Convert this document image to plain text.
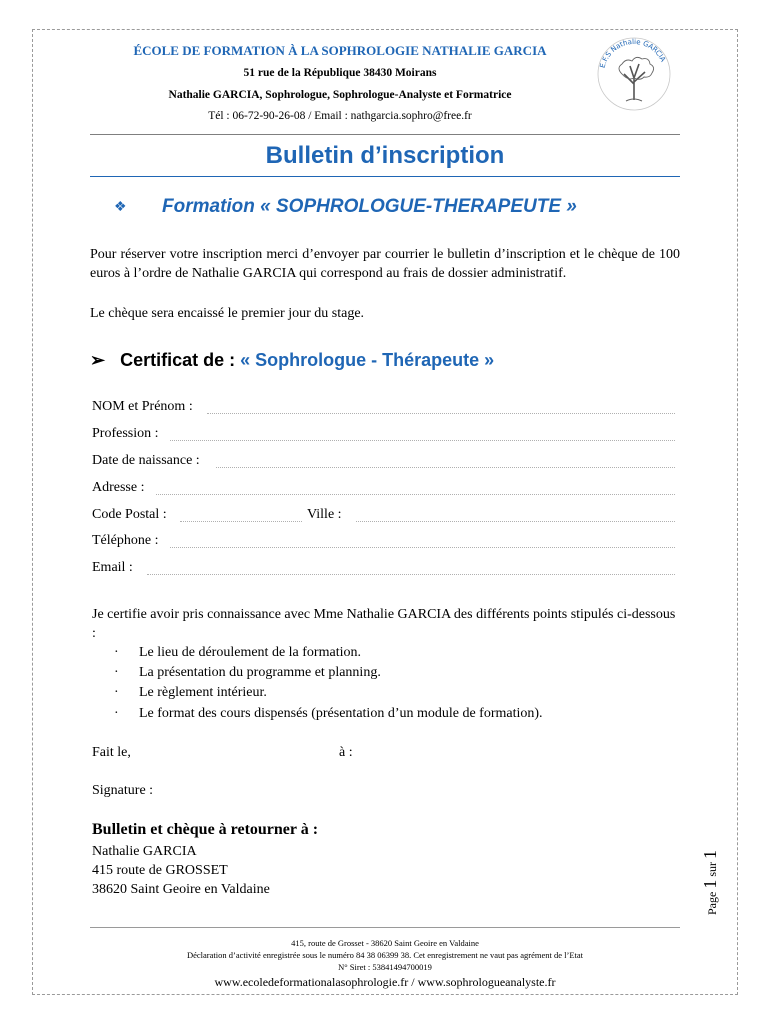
ÉCOLE DE FORMATION À LA SOPHROLOGIE NATHALIE GARCIA
51 rue de la République 38430 Moirans
Nathalie GARCIA, Sophrologue, Sophrologue-Analyste et Formatrice
Tél : 06-72-90-26-08 / Email : nathgarcia.sophro@free.fr
E.F.S Nathalie GARCIA
Bulletin d’inscription
❖ Formation « SOPHROLOGUE-THERAPEUTE »
Pour réserver votre inscription merci d’envoyer par courrier le bulletin d’inscription et le chèque de 100 euros à l’ordre de Nathalie GARCIA qui correspond au frais de dossier administratif.
Le chèque sera encaissé le premier jour du stage.
➢ Certificat de : « Sophrologue - Thérapeute »
NOM et Prénom :
Profession :
Date de naissance :
Adresse :
Code Postal :	Ville :
Téléphone :
Email :
Je certifie avoir pris connaissance avec Mme Nathalie GARCIA des différents points stipulés ci-dessous :
· Le lieu de déroulement de la formation.
· La présentation du programme et planning.
· Le règlement intérieur.
· Le format des cours dispensés (présentation d’un module de formation).
Fait le,	à :
Signature :
Bulletin et chèque à retourner à :
Nathalie GARCIA
415 route de GROSSET
38620 Saint Geoire en Valdaine	Page 1 sur 1
415, route de Grosset - 38620 Saint Geoire en Valdaine
Déclaration d’activité enregistrée sous le numéro 84 38 06399 38. Cet enregistrement ne vaut pas agrément de l’Etat
N° Siret : 53841494700019
www.ecoledeformationalasophrologie.fr / www.sophrologueanalyste.fr
